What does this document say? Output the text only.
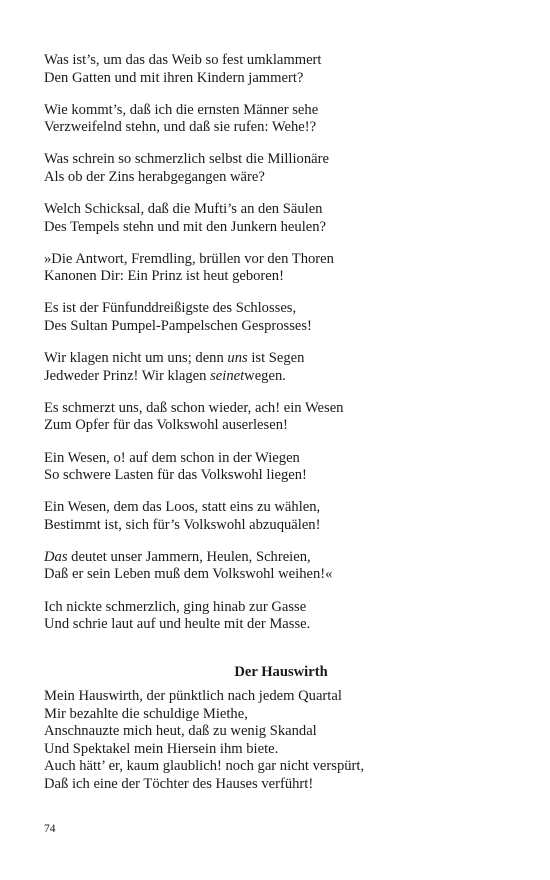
Was ist’s, um das das Weib so fest umklammert
Den Gatten und mit ihren Kindern jammert?
Wie kommt’s, daß ich die ernsten Männer sehe
Verzweifelnd stehn, und daß sie rufen: Wehe!?
Was schrein so schmerzlich selbst die Millionäre
Als ob der Zins herabgegangen wäre?
Welch Schicksal, daß die Mufti’s an den Säulen
Des Tempels stehn und mit den Junkern heulen?
»Die Antwort, Fremdling, brüllen vor den Thoren
Kanonen Dir: Ein Prinz ist heut geboren!
Es ist der Fünfunddreißigste des Schlosses,
Des Sultan Pumpel-Pampelschen Gesprosses!
Wir klagen nicht um uns; denn uns ist Segen
Jedweder Prinz! Wir klagen seinetwegen.
Es schmerzt uns, daß schon wieder, ach! ein Wesen
Zum Opfer für das Volkswohl auserlesen!
Ein Wesen, o! auf dem schon in der Wiegen
So schwere Lasten für das Volkswohl liegen!
Ein Wesen, dem das Loos, statt eins zu wählen,
Bestimmt ist, sich für’s Volkswohl abzuquälen!
Das deutet unser Jammern, Heulen, Schreien,
Daß er sein Leben muß dem Volkswohl weihen!«
Ich nickte schmerzlich, ging hinab zur Gasse
Und schrie laut auf und heulte mit der Masse.
Der Hauswirth
Mein Hauswirth, der pünktlich nach jedem Quartal
Mir bezahlte die schuldige Miethe,
Anschnauzte mich heut, daß zu wenig Skandal
Und Spektakel mein Hiersein ihm biete.
Auch hätt’ er, kaum glaublich! noch gar nicht verspürt,
Daß ich eine der Töchter des Hauses verführt!
74
